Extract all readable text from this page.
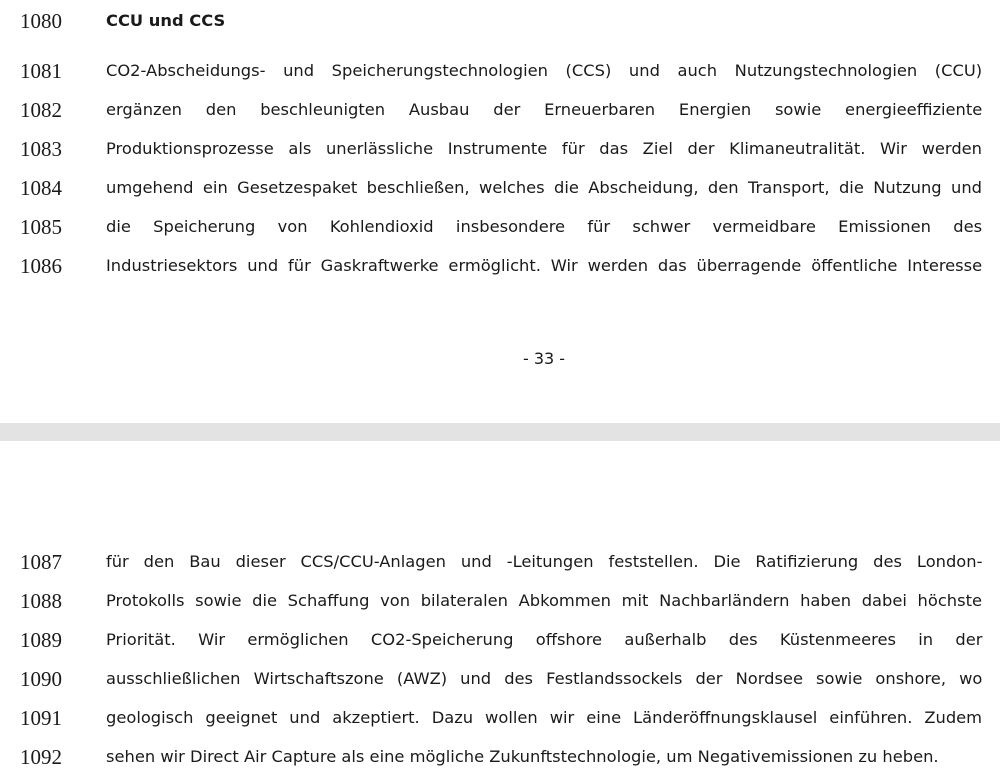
1080	CCU und CCS
1081	CO2-Abscheidungs- und Speicherungstechnologien (CCS) und auch Nutzungstechnologien (CCU)
1082	ergänzen den beschleunigten Ausbau der Erneuerbaren Energien sowie energieeffiziente
1083	Produktionsprozesse als unerlässliche Instrumente für das Ziel der Klimaneutralität. Wir werden
1084	umgehend ein Gesetzespaket beschließen, welches die Abscheidung, den Transport, die Nutzung und
1085	die Speicherung von Kohlendioxid insbesondere für schwer vermeidbare Emissionen des
1086	Industriesektors und für Gaskraftwerke ermöglicht. Wir werden das überragende öffentliche Interesse
- 33 -
1087	für den Bau dieser CCS/CCU-Anlagen und -Leitungen feststellen. Die Ratifizierung des London-
1088	Protokolls sowie die Schaffung von bilateralen Abkommen mit Nachbarländern haben dabei höchste
1089	Priorität. Wir ermöglichen CO2-Speicherung offshore außerhalb des Küstenmeeres in der
1090	ausschließlichen Wirtschaftszone (AWZ) und des Festlandssockels der Nordsee sowie onshore, wo
1091	geologisch geeignet und akzeptiert. Dazu wollen wir eine Länderöffnungsklausel einführen. Zudem
1092	sehen wir Direct Air Capture als eine mögliche Zukunftstechnologie, um Negativemissionen zu heben.
